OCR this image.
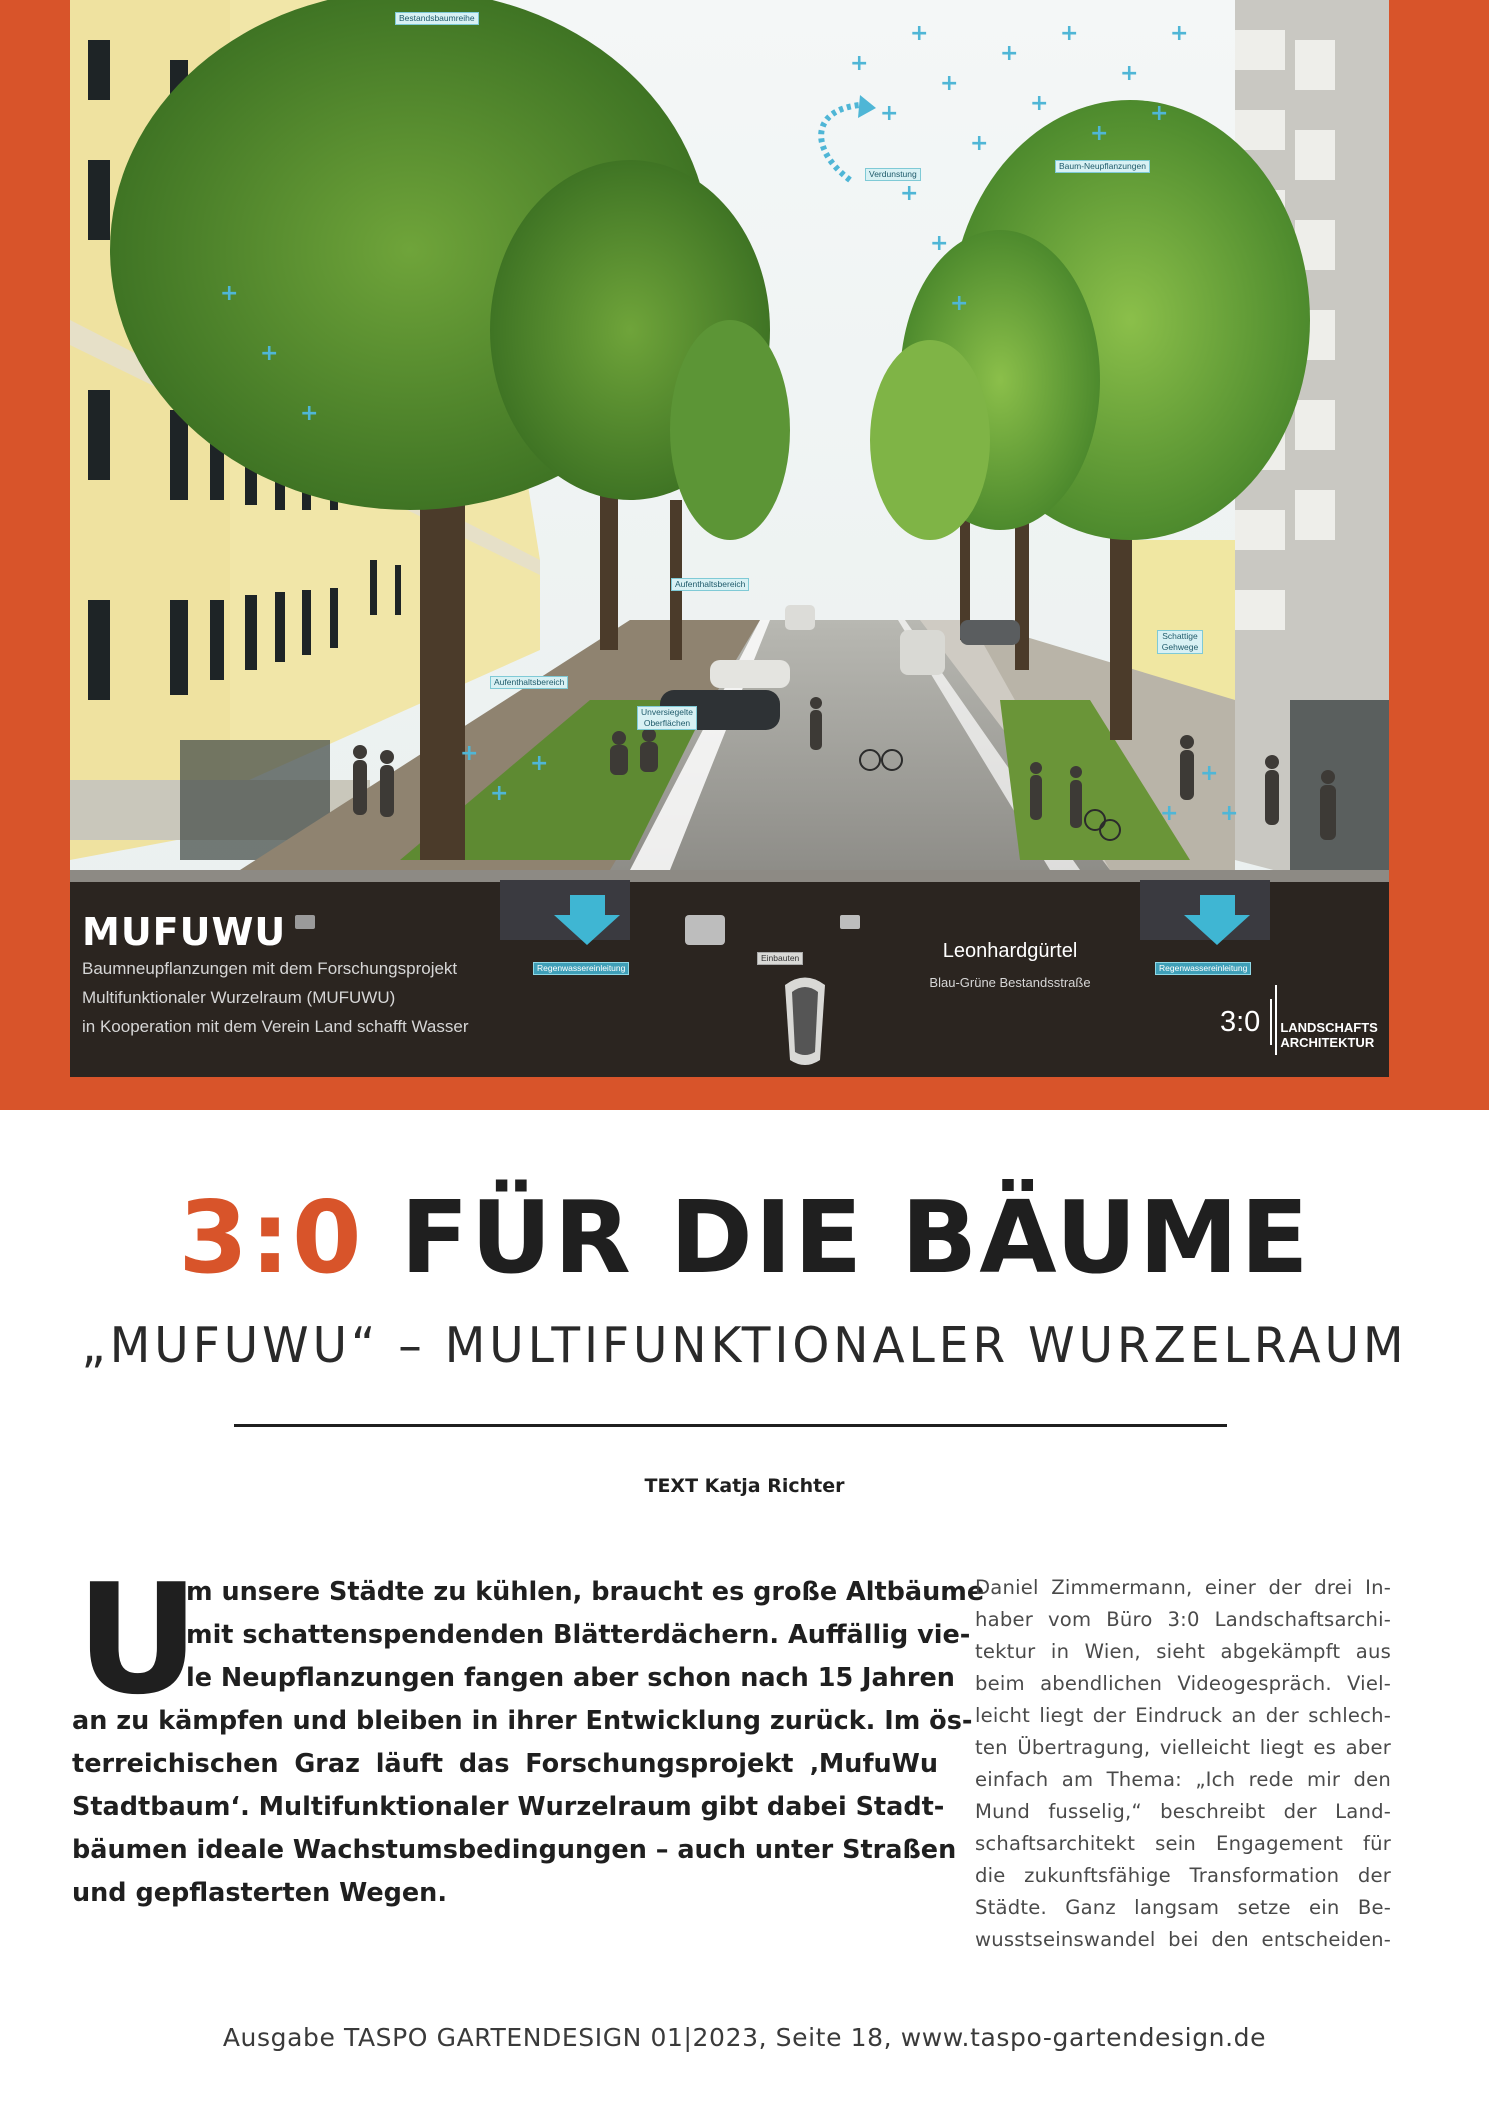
+
+
+
+
+
+
+
+
+
+
+
+
+
+
+
+
+
+
+
+
+	+
+
+
Bestandsbaumreihe
Verdunstung
Baum-Neupflanzungen
Aufenthaltsbereich
Aufenthaltsbereich
Unversiegelte Oberflächen
Schattige Gehwege
Regenwassereinleitung	Regenwassereinleitung
Einbauten
MUFUWU
Baumneupflanzungen mit dem Forschungsprojekt
Multifunktionaler Wurzelraum (MUFUWU)
in Kooperation mit dem Verein Land schafft Wasser
Leonhardgürtel
Blau-Grüne Bestandsstraße
3:0	LANDSCHAFTS ARCHITEKTUR
3:0 FÜR DIE BÄUME
„MUFUWU“ – MULTIFUNKTIONALER WURZELRAUM
TEXT Katja Richter
U
m unsere Städte zu kühlen, braucht es große Altbäume
mit schattenspendenden Blätterdächern. Auffällig vie-
le Neupflanzungen fangen aber schon nach 15 Jahren
an zu kämpfen und bleiben in ihrer Entwicklung zurück. Im ös-
terreichischen Graz läuft das Forschungsprojekt ‚MufuWu
Stadtbaum‘. Multifunktionaler Wurzelraum gibt dabei Stadt-
bäumen ideale Wachstumsbedingungen – auch unter Straßen
und gepflasterten Wegen.
Daniel Zimmermann, einer der drei In-
haber vom Büro 3:0 Landschaftsarchi-
tektur in Wien, sieht abgekämpft aus
beim abendlichen Videogespräch. Viel-
leicht liegt der Eindruck an der schlech-
ten Übertragung, vielleicht liegt es aber
einfach am Thema: „Ich rede mir den
Mund fusselig,“ beschreibt der Land-
schaftsarchitekt sein Engagement für
die zukunftsfähige Transformation der
Städte. Ganz langsam setze ein Be-
wusstseinswandel bei den entscheiden-
Ausgabe TASPO GARTENDESIGN 01|2023, Seite 18, www.taspo-gartendesign.de
